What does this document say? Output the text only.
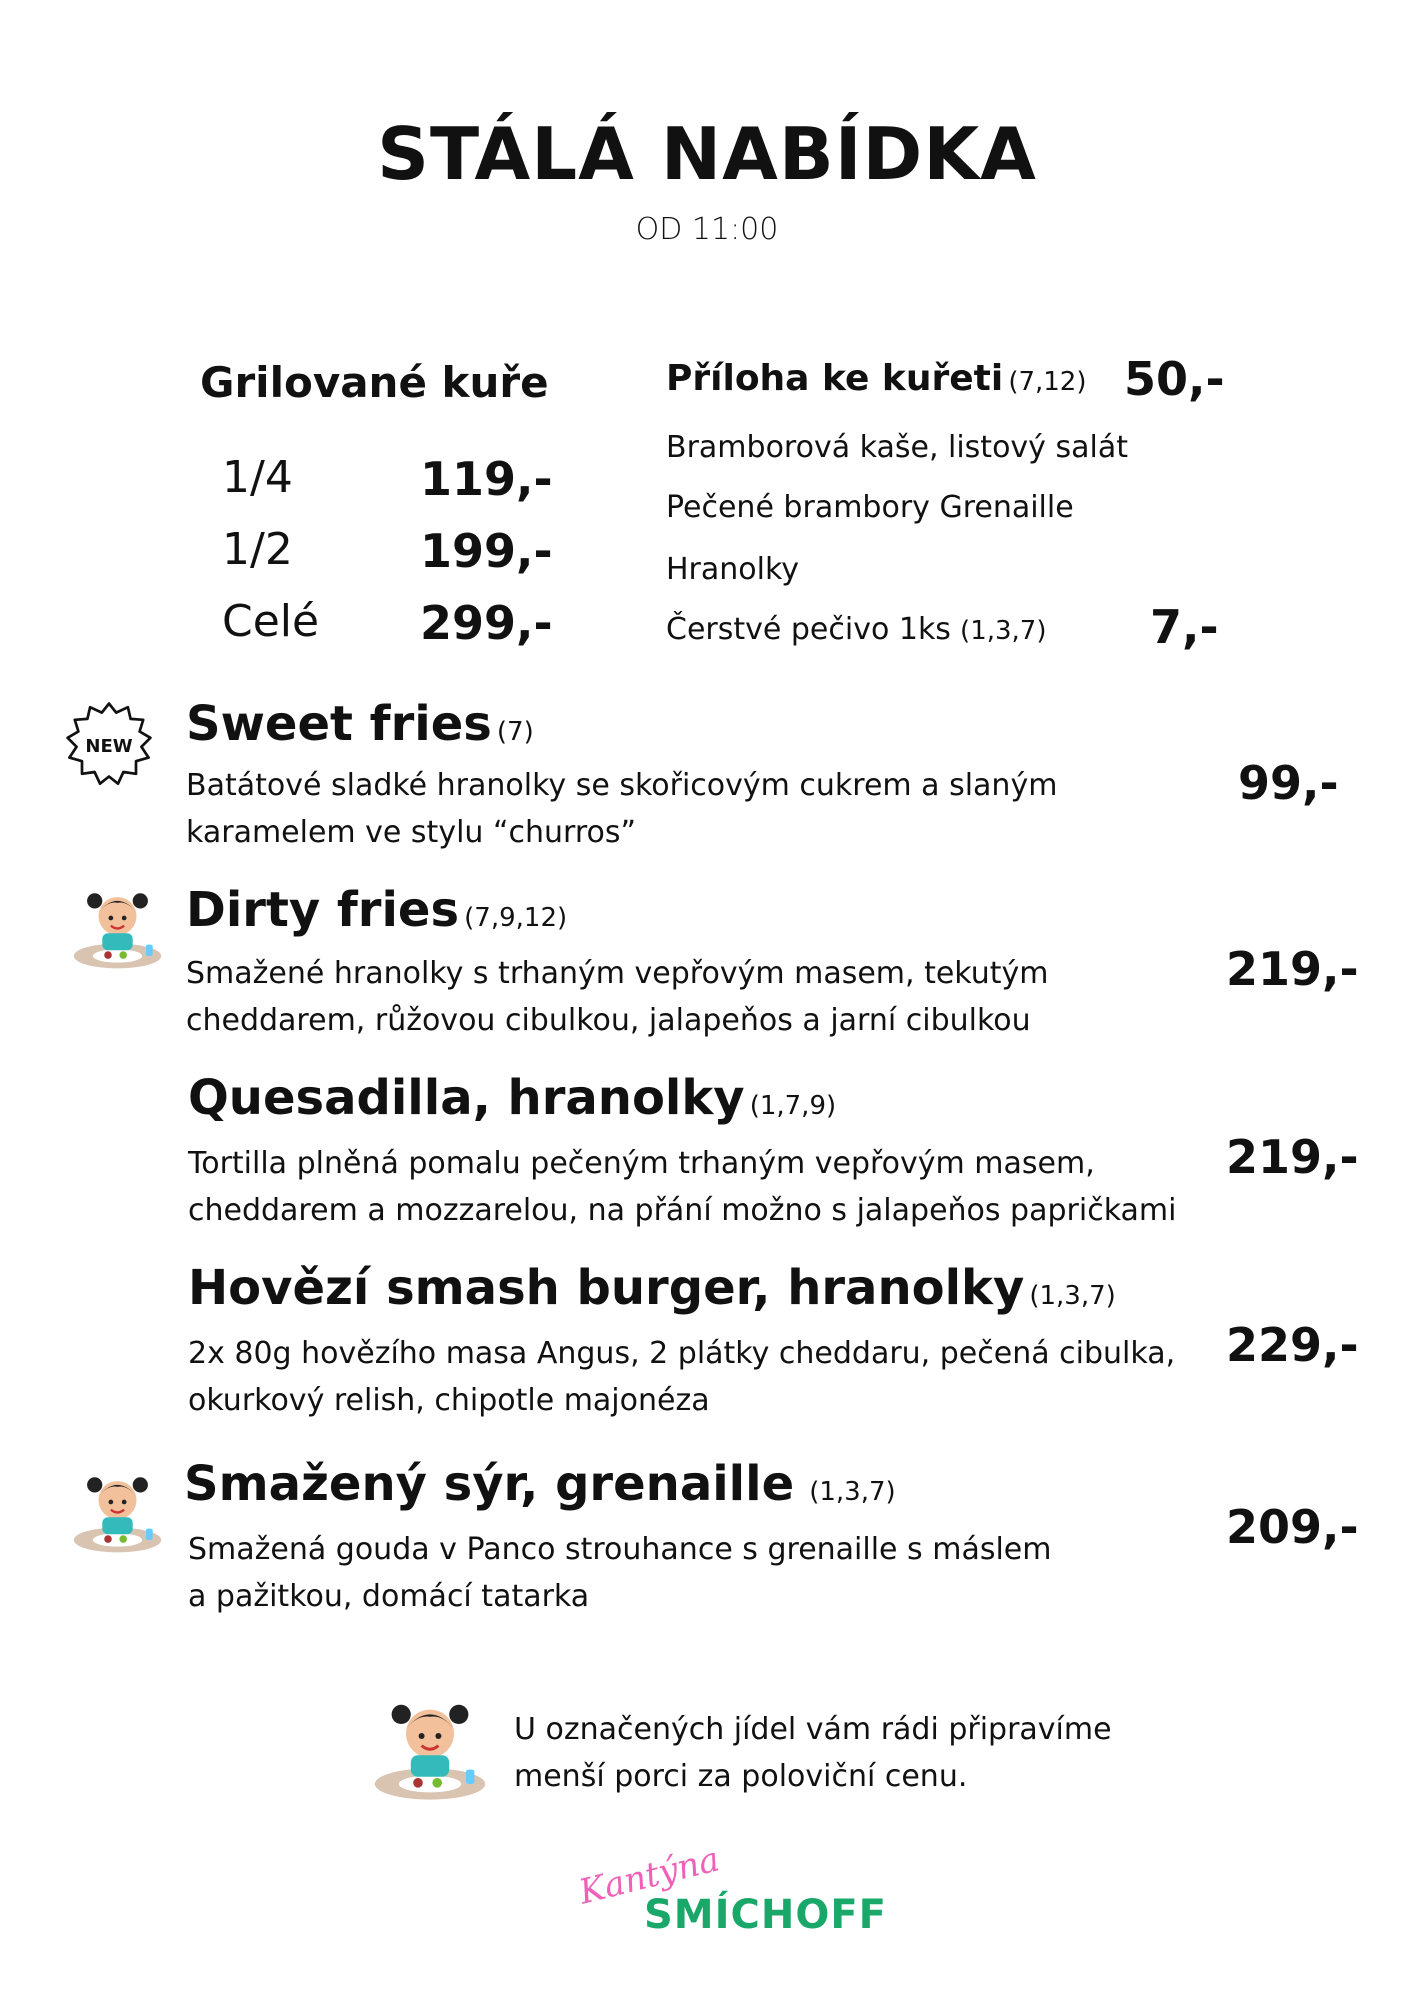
STÁLÁ NABÍDKA
OD 11:00
Grilované kuře
1/4	119,-
1/2	199,-
Celé 299,-
Příloha ke kuřeti (7,12) 50,-
Bramborová kaše, listový salát
Pečené brambory Grenaille
Hranolky
Čerstvé pečivo 1ks (1,3,7) 7,-
NEW Sweet fries (7)
Batátové sladké hranolky se skořicovým cukrem a slaným
karamelem ve stylu “churros”
99,-
Dirty fries (7,9,12)
Smažené hranolky s trhaným vepřovým masem, tekutým
cheddarem, růžovou cibulkou, jalapeňos a jarní cibulkou
219,-
Quesadilla, hranolky (1,7,9)
Tortilla plněná pomalu pečeným trhaným vepřovým masem,
cheddarem a mozzarelou, na přání možno s jalapeňos papričkami
219,-
Hovězí smash burger, hranolky (1,3,7)
2x 80g hovězího masa Angus, 2 plátky cheddaru, pečená cibulka,
okurkový relish, chipotle majonéza
229,-
Smažený sýr, grenaille (1,3,7)
Smažená gouda v Panco strouhance s grenaille s máslem
a pažitkou, domácí tatarka
209,-
U označených jídel vám rádi připravíme
menší porci za poloviční cenu.
Kantýna
SMÍCHOFF
